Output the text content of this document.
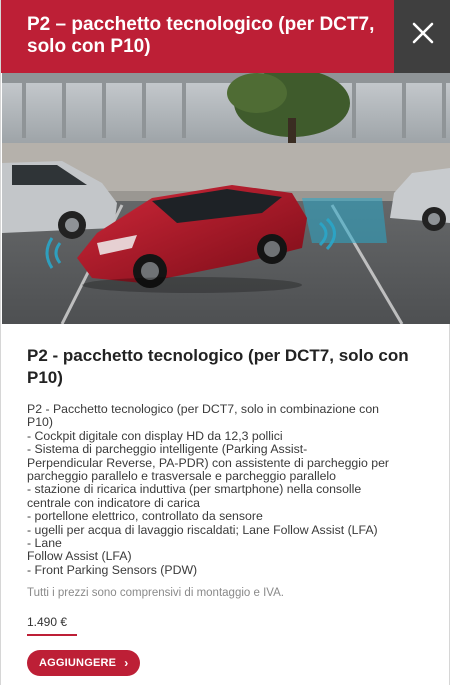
P2 – pacchetto tecnologico (per DCT7, solo con P10)
P2 - pacchetto tecnologico (per DCT7, solo con P10)
P2 - Pacchetto tecnologico (per DCT7, solo in combinazione con
P10)
- Cockpit digitale con display HD da 12,3 pollici
- Sistema di parcheggio intelligente (Parking Assist-
Perpendicular Reverse, PA-PDR) con assistente di parcheggio per
parcheggio parallelo e trasversale e parcheggio parallelo
- stazione di ricarica induttiva (per smartphone) nella consolle
centrale con indicatore di carica
- portellone elettrico, controllato da sensore
- ugelli per acqua di lavaggio riscaldati; Lane Follow Assist (LFA)
- Lane
Follow Assist (LFA)
- Front Parking Sensors (PDW)
Tutti i prezzi sono comprensivi di montaggio e IVA.
1.490 €
AGGIUNGERE ›
